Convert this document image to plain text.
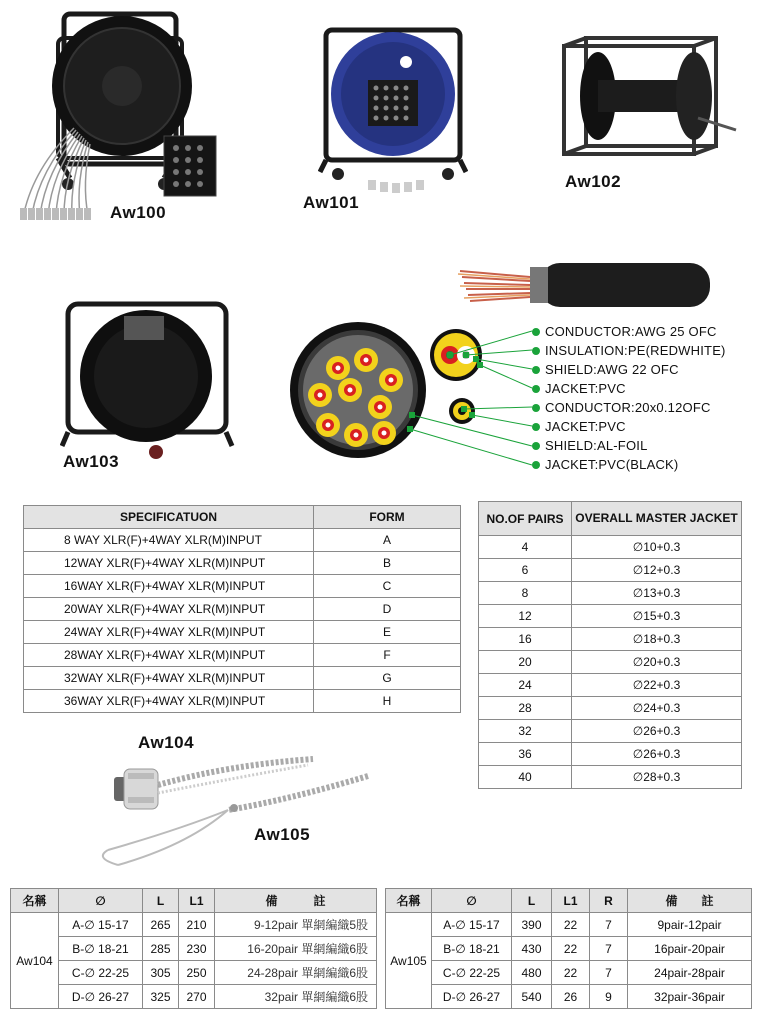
Aw100
Aw101
Aw102
Aw103
CONDUCTOR:AWG 25 OFC
INSULATION:PE(REDWHITE)
SHIELD:AWG 22 OFC
JACKET:PVC
CONDUCTOR:20x0.12OFC
JACKET:PVC
SHIELD:AL-FOIL
JACKET:PVC(BLACK)
SPECIFICATUON	FORM
8 WAY XLR(F)+4WAY XLR(M)INPUT	A
12WAY XLR(F)+4WAY XLR(M)INPUT	B
16WAY XLR(F)+4WAY XLR(M)INPUT	C
20WAY XLR(F)+4WAY XLR(M)INPUT	D
24WAY XLR(F)+4WAY XLR(M)INPUT	E
28WAY XLR(F)+4WAY XLR(M)INPUT	F
32WAY XLR(F)+4WAY XLR(M)INPUT	G
36WAY XLR(F)+4WAY XLR(M)INPUT	H
NO.OF PAIRS	OVERALL MASTER JACKET
4	∅10+0.3
6	∅12+0.3
8	∅13+0.3
12	∅15+0.3
16	∅18+0.3
20	∅20+0.3
24	∅22+0.3
28	∅24+0.3
32	∅26+0.3
36	∅26+0.3
40	∅28+0.3
Aw104
Aw105
名稱	∅	L	L1	備　　　註
Aw104	A-∅ 15-17	265	210	9-12pair 單網編織5股
	B-∅ 18-21	285	230	16-20pair 單網編織6股
	C-∅ 22-25	305	250	24-28pair 單網編織6股
	D-∅ 26-27	325	270	32pair 單網編織6股
名稱	∅	L	L1	R	備　　註
Aw105	A-∅ 15-17	390	22	7	9pair-12pair
	B-∅ 18-21	430	22	7	16pair-20pair
	C-∅ 22-25	480	22	7	24pair-28pair
	D-∅ 26-27	540	26	9	32pair-36pair
